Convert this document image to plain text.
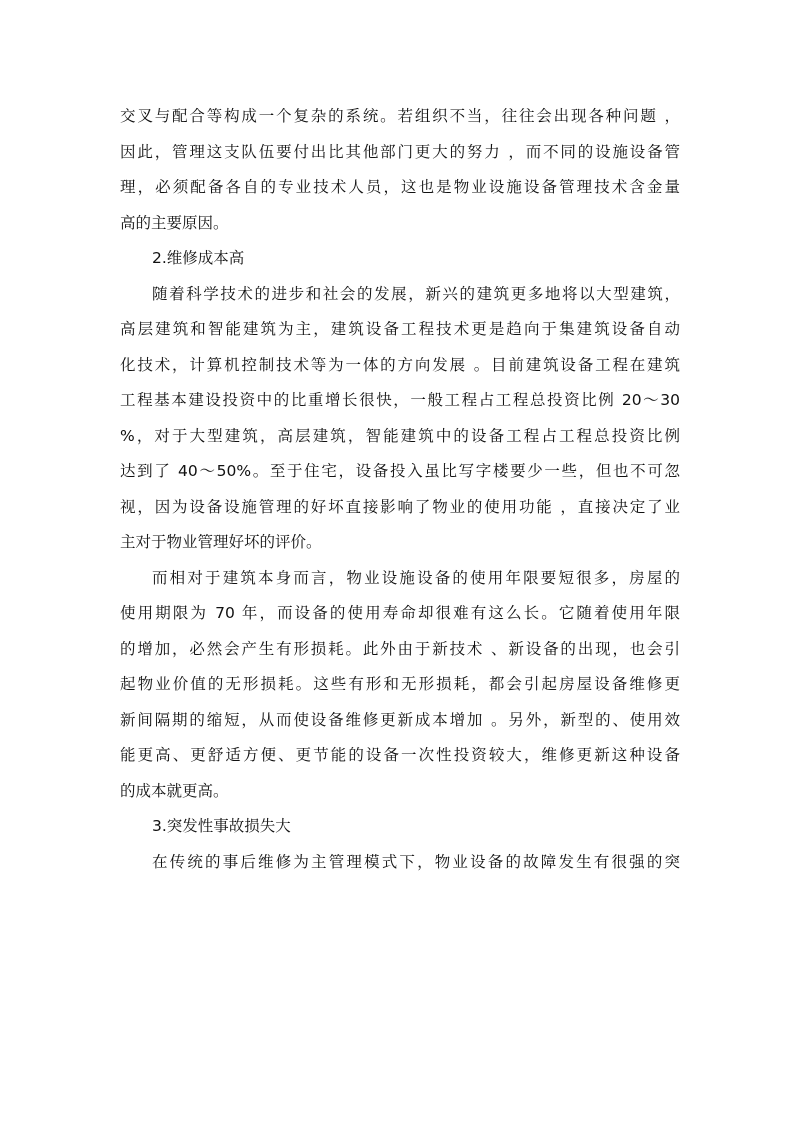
交叉与配合等构成一个复杂的系统。若组织不当，往往会出现各种问题 ，
因此，管理这支队伍要付出比其他部门更大的努力 ，而不同的设施设备管
理，必须配备各自的专业技术人员，这也是物业设施设备管理技术含金量
高的主要原因。
2.维修成本高
随着科学技术的进步和社会的发展，新兴的建筑更多地将以大型建筑，
高层建筑和智能建筑为主，建筑设备工程技术更是趋向于集建筑设备自动
化技术，计算机控制技术等为一体的方向发展 。目前建筑设备工程在建筑
工程基本建设投资中的比重增长很快，一般工程占工程总投资比例 20～30
%，对于大型建筑，高层建筑，智能建筑中的设备工程占工程总投资比例
达到了 40～50%。至于住宅，设备投入虽比写字楼要少一些，但也不可忽
视，因为设备设施管理的好坏直接影响了物业的使用功能 ，直接决定了业
主对于物业管理好坏的评价。
而相对于建筑本身而言，物业设施设备的使用年限要短很多，房屋的
使用期限为 70 年，而设备的使用寿命却很难有这么长。它随着使用年限
的增加，必然会产生有形损耗。此外由于新技术 、新设备的出现，也会引
起物业价值的无形损耗。这些有形和无形损耗，都会引起房屋设备维修更
新间隔期的缩短，从而使设备维修更新成本增加 。另外，新型的、使用效
能更高、更舒适方便、更节能的设备一次性投资较大，维修更新这种设备
的成本就更高。
3.突发性事故损失大
在传统的事后维修为主管理模式下，物业设备的故障发生有很强的突
